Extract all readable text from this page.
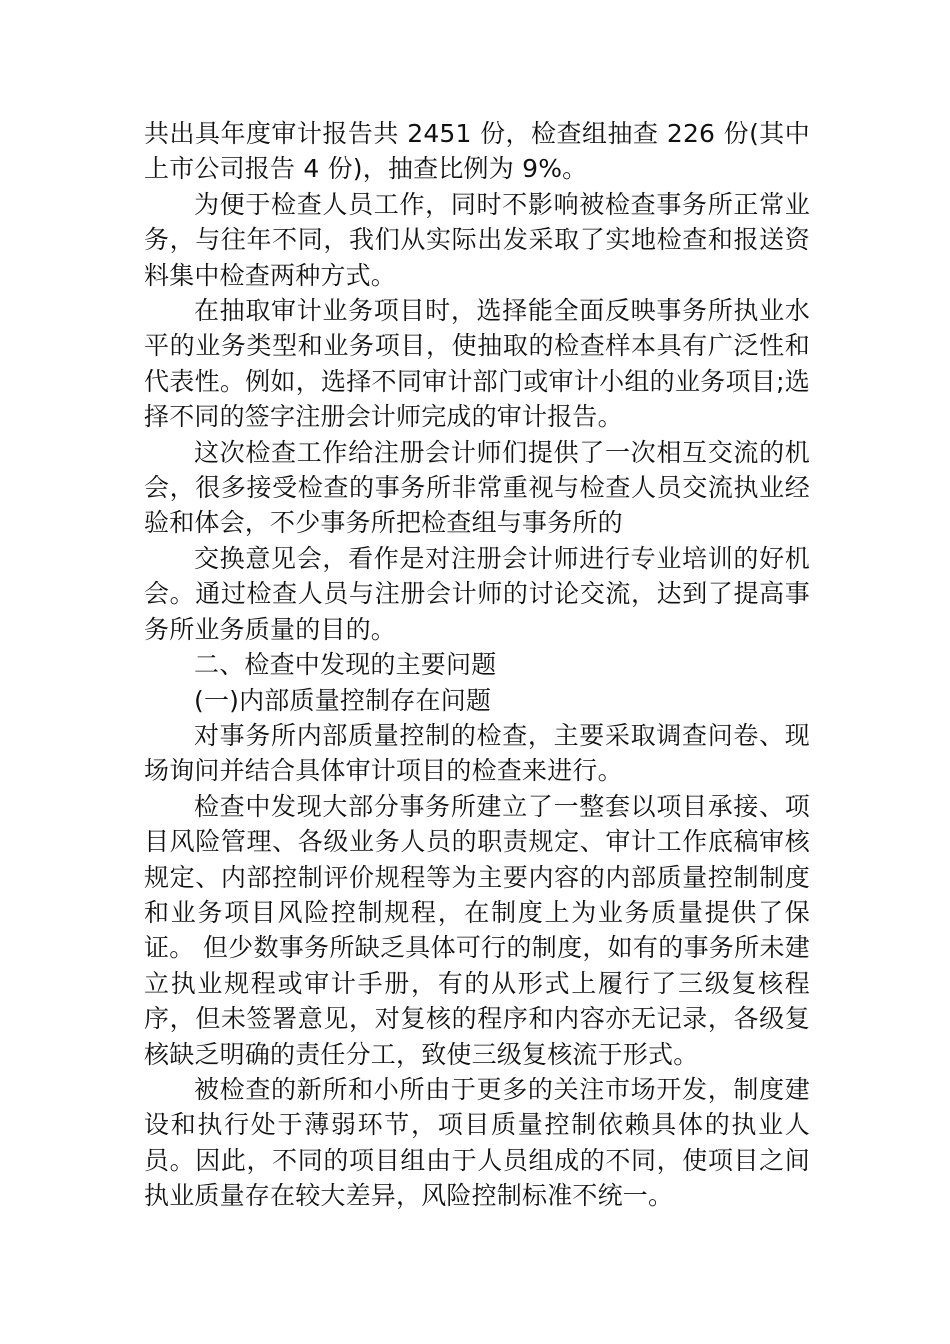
共出具年度审计报告共 2451 份，检查组抽查 226 份(其中上市公司报告 4 份)，抽查比例为 9%。

为便于检查人员工作，同时不影响被检查事务所正常业务，与往年不同，我们从实际出发采取了实地检查和报送资料集中检查两种方式。

在抽取审计业务项目时，选择能全面反映事务所执业水平的业务类型和业务项目，使抽取的检查样本具有广泛性和代表性。例如，选择不同审计部门或审计小组的业务项目;选择不同的签字注册会计师完成的审计报告。

这次检查工作给注册会计师们提供了一次相互交流的机会，很多接受检查的事务所非常重视与检查人员交流执业经验和体会，不少事务所把检查组与事务所的

交换意见会，看作是对注册会计师进行专业培训的好机会。通过检查人员与注册会计师的讨论交流，达到了提高事务所业务质量的目的。

二、检查中发现的主要问题

(一)内部质量控制存在问题

对事务所内部质量控制的检查，主要采取调查问卷、现场询问并结合具体审计项目的检查来进行。

检查中发现大部分事务所建立了一整套以项目承接、项目风险管理、各级业务人员的职责规定、审计工作底稿审核规定、内部控制评价规程等为主要内容的内部质量控制制度和业务项目风险控制规程，在制度上为业务质量提供了保证。 但少数事务所缺乏具体可行的制度，如有的事务所未建立执业规程或审计手册，有的从形式上履行了三级复核程序，但未签署意见，对复核的程序和内容亦无记录，各级复核缺乏明确的责任分工，致使三级复核流于形式。

被检查的新所和小所由于更多的关注市场开发，制度建设和执行处于薄弱环节，项目质量控制依赖具体的执业人员。因此，不同的项目组由于人员组成的不同，使项目之间执业质量存在较大差异，风险控制标准不统一。
